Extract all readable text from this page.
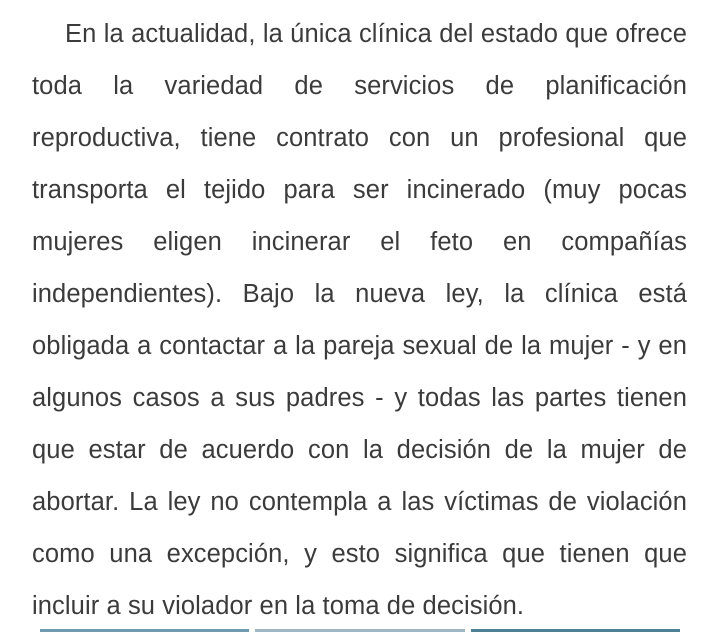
En la actualidad, la única clínica del estado que ofrece toda la variedad de servicios de planificación reproductiva, tiene contrato con un profesional que transporta el tejido para ser incinerado (muy pocas mujeres eligen incinerar el feto en compañías independientes). Bajo la nueva ley, la clínica está obligada a contactar a la pareja sexual de la mujer - y en algunos casos a sus padres - y todas las partes tienen que estar de acuerdo con la decisión de la mujer de abortar. La ley no contempla a las víctimas de violación como una excepción, y esto significa que tienen que incluir a su violador en la toma de decisión.
